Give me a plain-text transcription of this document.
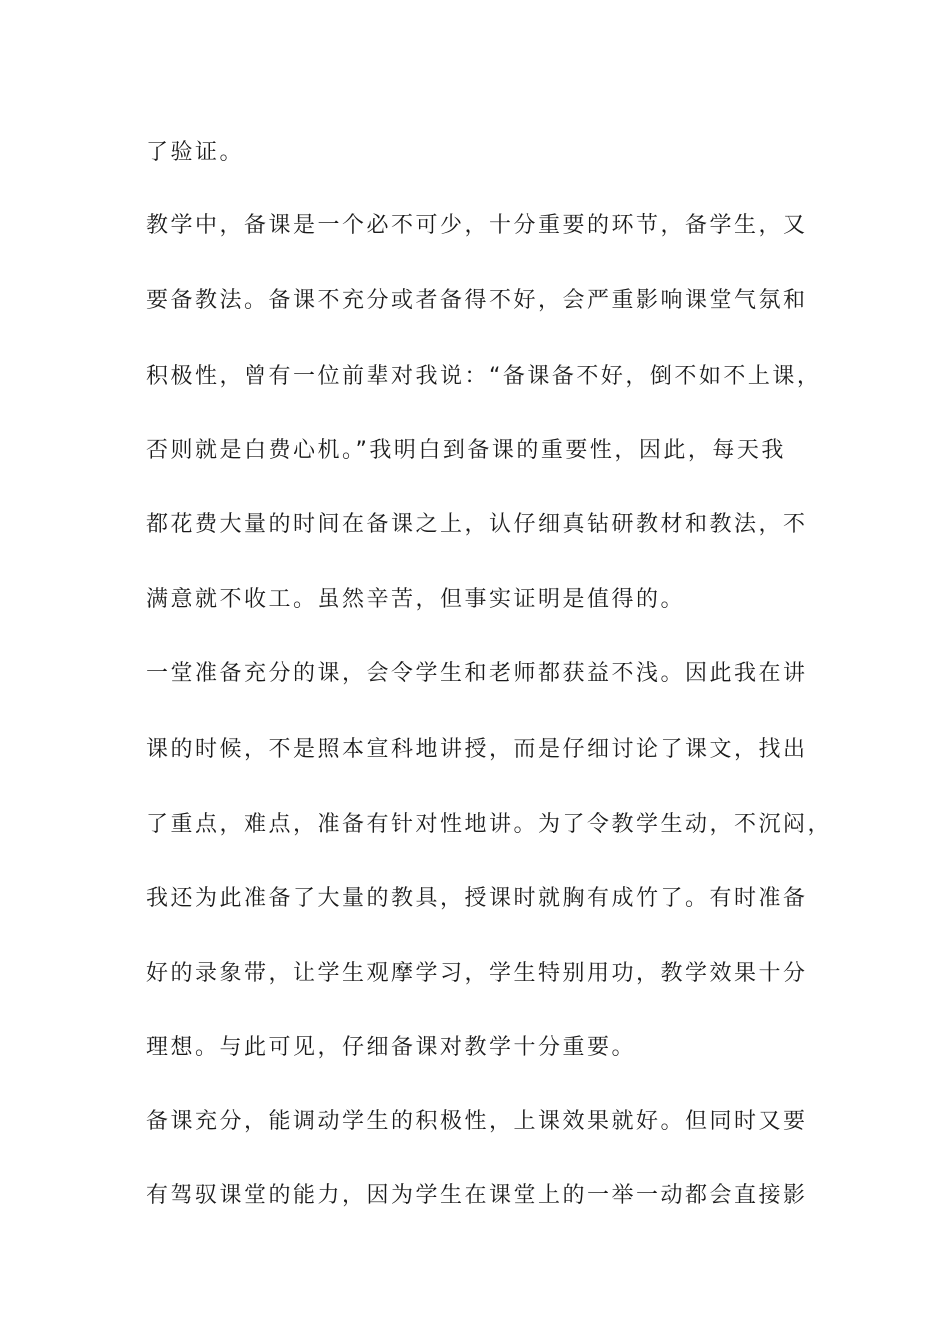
了验证。
教学中，备课是一个必不可少，十分重要的环节，备学生，又
要备教法。备课不充分或者备得不好，会严重影响课堂气氛和
积极性，曾有一位前辈对我说：“备课备不好，倒不如不上课，
否则就是白费心机。”我明白到备课的重要性，因此，每天我
都花费大量的时间在备课之上，认仔细真钻研教材和教法，不
满意就不收工。虽然辛苦，但事实证明是值得的。
一堂准备充分的课，会令学生和老师都获益不浅。因此我在讲
课的时候，不是照本宣科地讲授，而是仔细讨论了课文，找出
了重点，难点，准备有针对性地讲。为了令教学生动，不沉闷，
我还为此准备了大量的教具，授课时就胸有成竹了。有时准备
好的录象带，让学生观摩学习，学生特别用功，教学效果十分
理想。与此可见，仔细备课对教学十分重要。
备课充分，能调动学生的积极性，上课效果就好。但同时又要
有驾驭课堂的能力，因为学生在课堂上的一举一动都会直接影
